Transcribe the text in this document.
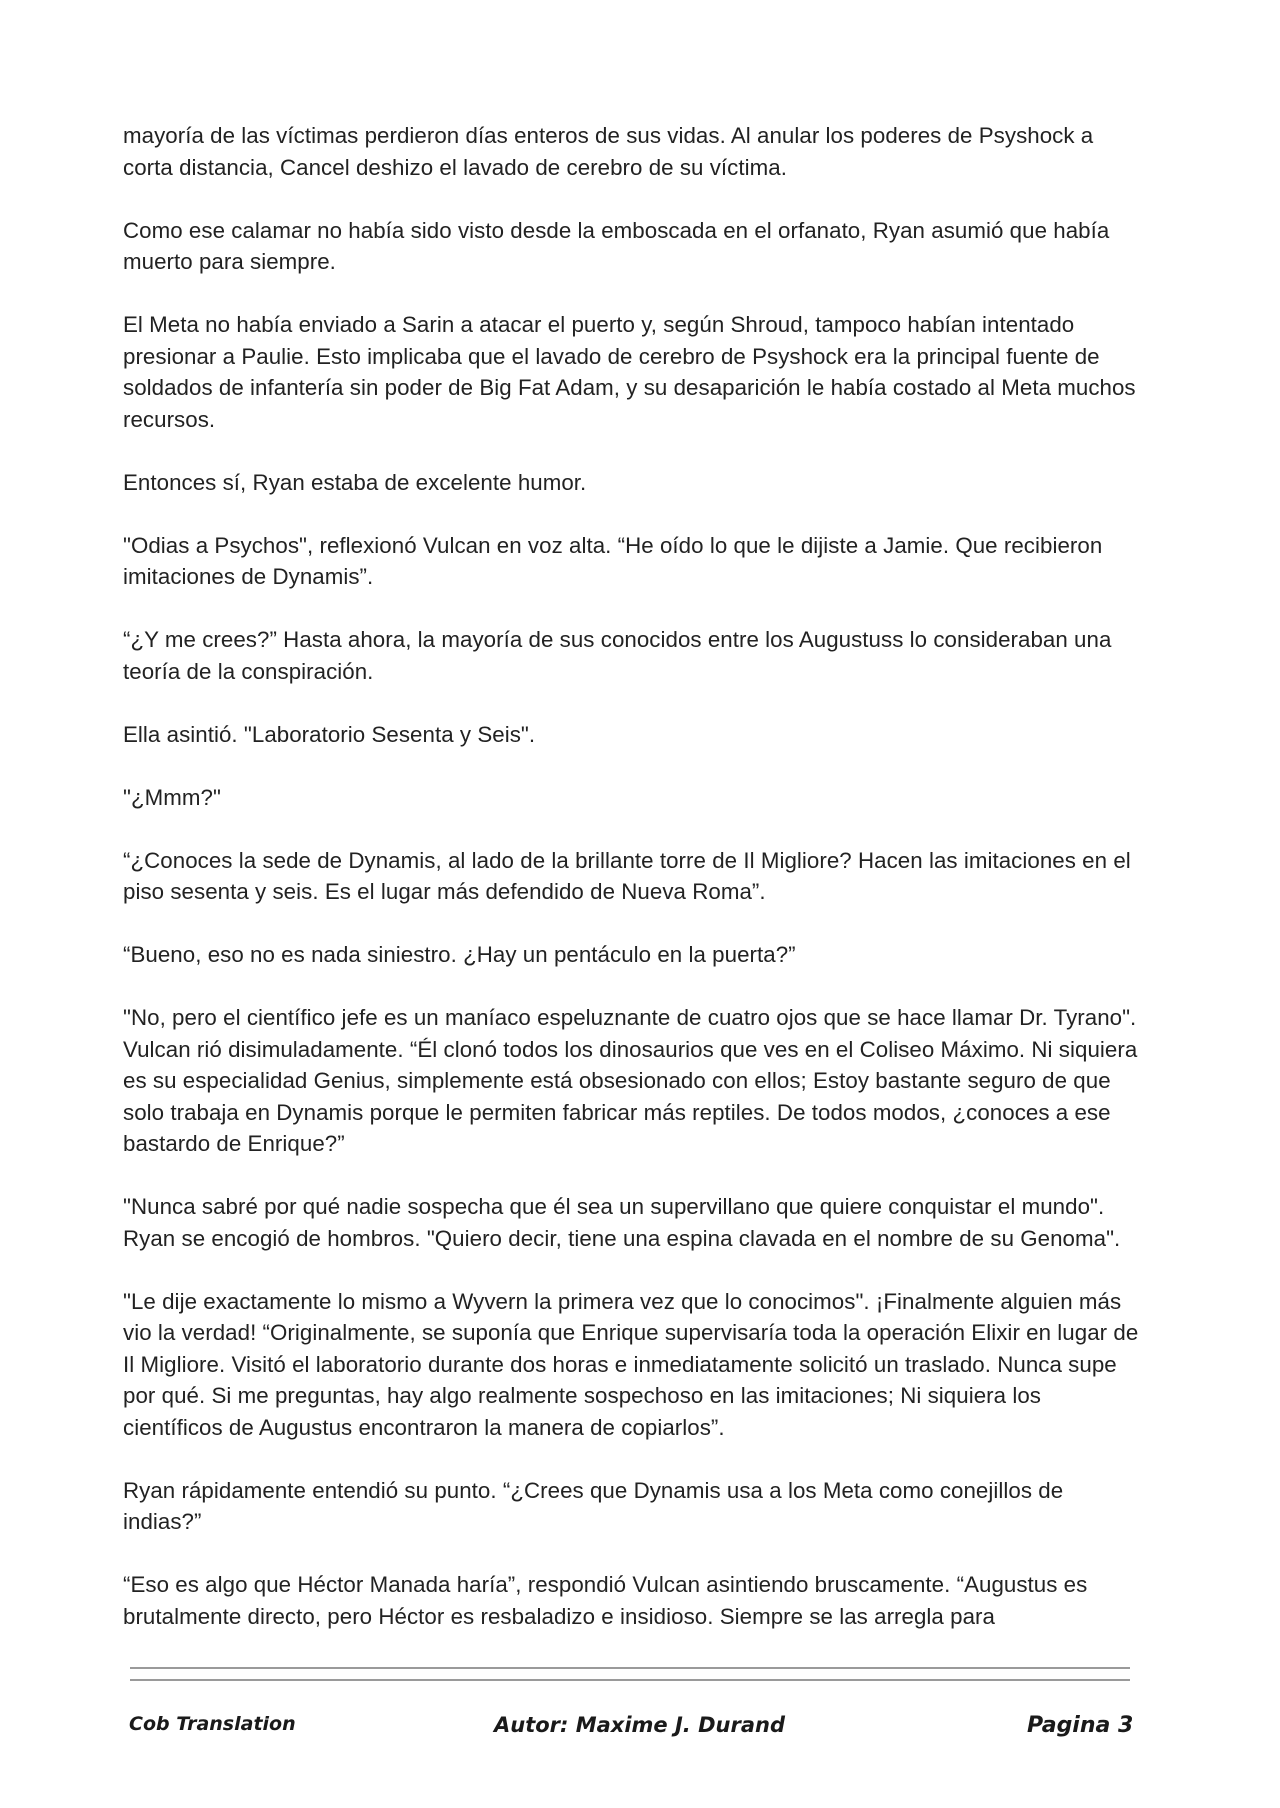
mayoría de las víctimas perdieron días enteros de sus vidas. Al anular los poderes de Psyshock a corta distancia, Cancel deshizo el lavado de cerebro de su víctima.

Como ese calamar no había sido visto desde la emboscada en el orfanato, Ryan asumió que había muerto para siempre.

El Meta no había enviado a Sarin a atacar el puerto y, según Shroud, tampoco habían intentado presionar a Paulie. Esto implicaba que el lavado de cerebro de Psyshock era la principal fuente de soldados de infantería sin poder de Big Fat Adam, y su desaparición le había costado al Meta muchos recursos.

Entonces sí, Ryan estaba de excelente humor.

"Odias a Psychos", reflexionó Vulcan en voz alta. “He oído lo que le dijiste a Jamie. Que recibieron imitaciones de Dynamis”.

“¿Y me crees?” Hasta ahora, la mayoría de sus conocidos entre los Augustuss lo consideraban una teoría de la conspiración.

Ella asintió. "Laboratorio Sesenta y Seis".

"¿Mmm?"

“¿Conoces la sede de Dynamis, al lado de la brillante torre de Il Migliore? Hacen las imitaciones en el piso sesenta y seis. Es el lugar más defendido de Nueva Roma”.

“Bueno, eso no es nada siniestro. ¿Hay un pentáculo en la puerta?”

"No, pero el científico jefe es un maníaco espeluznante de cuatro ojos que se hace llamar Dr. Tyrano". Vulcan rió disimuladamente. “Él clonó todos los dinosaurios que ves en el Coliseo Máximo. Ni siquiera es su especialidad Genius, simplemente está obsesionado con ellos; Estoy bastante seguro de que solo trabaja en Dynamis porque le permiten fabricar más reptiles. De todos modos, ¿conoces a ese bastardo de Enrique?”

"Nunca sabré por qué nadie sospecha que él sea un supervillano que quiere conquistar el mundo". Ryan se encogió de hombros. "Quiero decir, tiene una espina clavada en el nombre de su Genoma".

"Le dije exactamente lo mismo a Wyvern la primera vez que lo conocimos". ¡Finalmente alguien más vio la verdad! “Originalmente, se suponía que Enrique supervisaría toda la operación Elixir en lugar de Il Migliore. Visitó el laboratorio durante dos horas e inmediatamente solicitó un traslado. Nunca supe por qué. Si me preguntas, hay algo realmente sospechoso en las imitaciones; Ni siquiera los científicos de Augustus encontraron la manera de copiarlos”.

Ryan rápidamente entendió su punto. “¿Crees que Dynamis usa a los Meta como conejillos de indias?”

“Eso es algo que Héctor Manada haría”, respondió Vulcan asintiendo bruscamente. “Augustus es brutalmente directo, pero Héctor es resbaladizo e insidioso. Siempre se las arregla para

Cob Translation	Autor: Maxime J. Durand	Pagina 3
